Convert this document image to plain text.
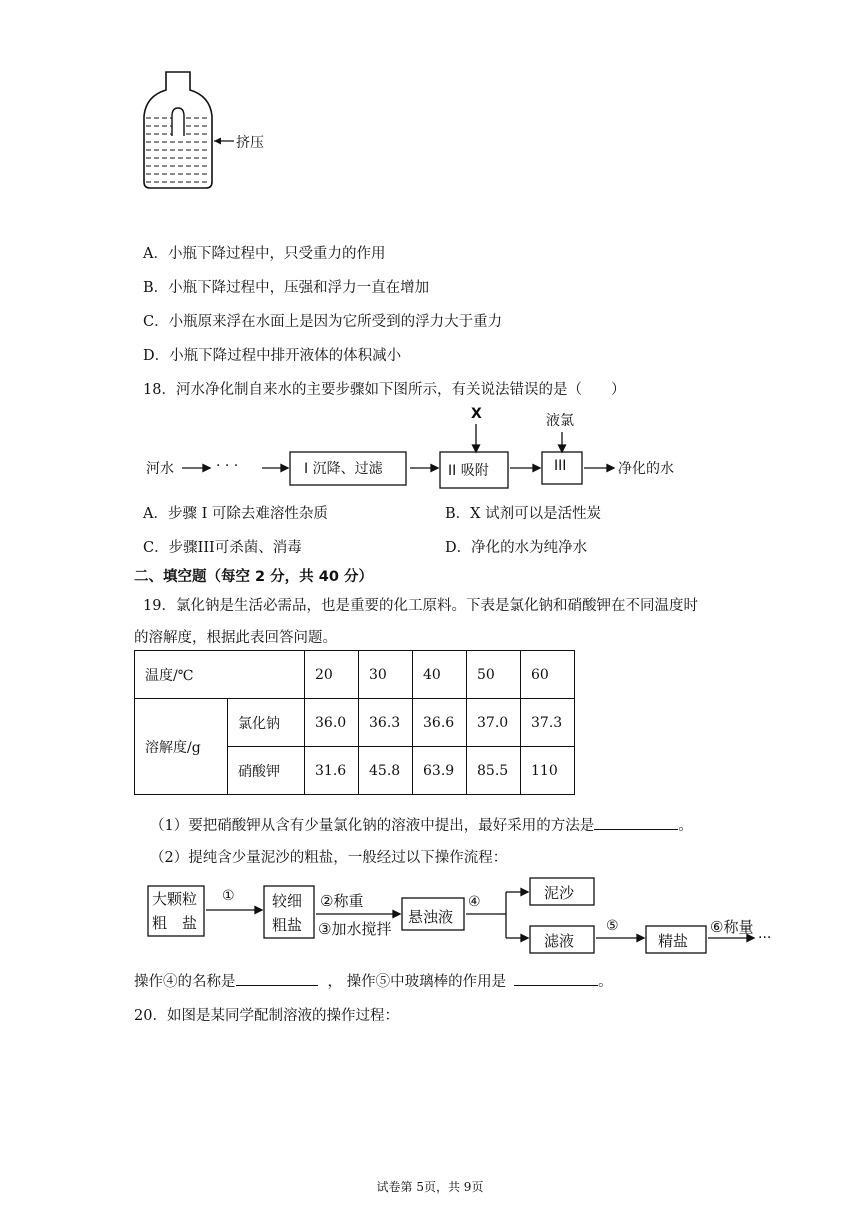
挤压
A．小瓶下降过程中，只受重力的作用
B．小瓶下降过程中，压强和浮力一直在增加
C．小瓶原来浮在水面上是因为它所受到的浮力大于重力
D．小瓶下降过程中排开液体的体积减小
18．河水净化制自来水的主要步骤如下图所示，有关说法错误的是（　　）
河水	· · ·	I 沉降、过滤	II 吸附	III
X	液氯
净化的水
A．步骤 I 可除去难溶性杂质	B．X 试剂可以是活性炭
C．步骤III可杀菌、消毒	D．净化的水为纯净水
二、填空题（每空 2 分，共 40 分）
19．氯化钠是生活必需品，也是重要的化工原料。下表是氯化钠和硝酸钾在不同温度时
的溶解度，根据此表回答问题。
温度/℃		20	30	40	50	60
溶解度/g	氯化钠	36.0	36.3	36.6	37.0	37.3
	硝酸钾	31.6	45.8	63.9	85.5	110
（1）要把硝酸钾从含有少量氯化钠的溶液中提出，最好采用的方法是	。
（2）提纯含少量泥沙的粗盐，一般经过以下操作流程：
大颗粒
粗　盐
① 较细
粗盐
②称重
③加水搅拌
悬浊液
④	泥沙
滤液
⑤
精盐
⑥称量
···
操作④的名称是	， 操作⑤中玻璃棒的作用是	。
20．如图是某同学配制溶液的操作过程：
试卷第 5页，共 9页
